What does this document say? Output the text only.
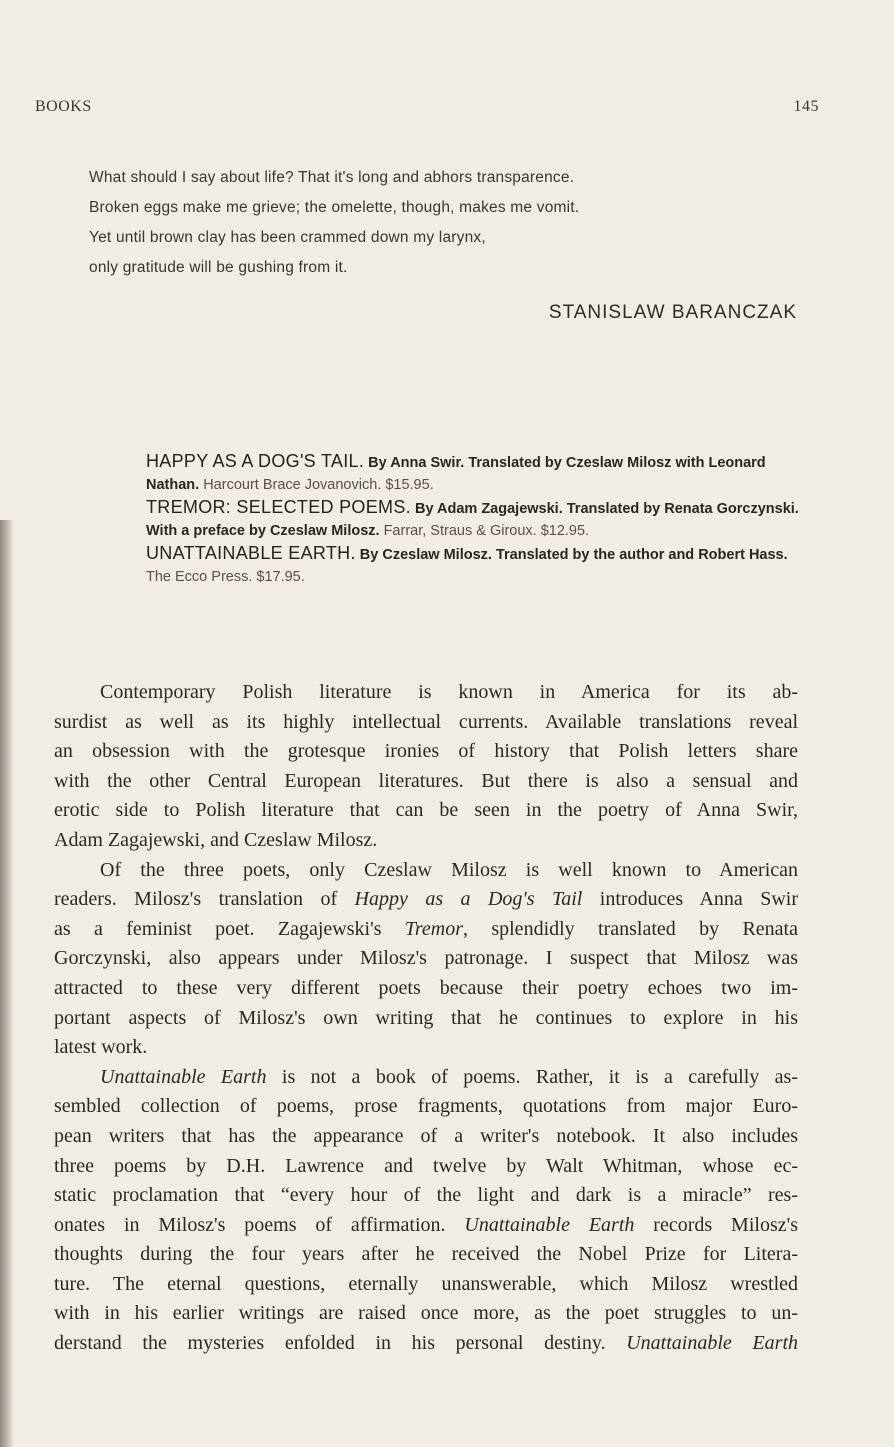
BOOKS	145
What should I say about life? That it's long and abhors transparence.
Broken eggs make me grieve; the omelette, though, makes me vomit.
Yet until brown clay has been crammed down my larynx,
only gratitude will be gushing from it.
STANISLAW BARANCZAK

HAPPY AS A DOG'S TAIL. By Anna Swir. Translated by Czeslaw Milosz with Leonard Nathan. Harcourt Brace Jovanovich. $15.95.

TREMOR: SELECTED POEMS. By Adam Zagajewski. Translated by Renata Gorczynski. With a preface by Czeslaw Milosz. Farrar, Straus & Giroux. $12.95.

UNATTAINABLE EARTH. By Czeslaw Milosz. Translated by the author and Robert Hass. The Ecco Press. $17.95.

Contemporary Polish literature is known in America for its ab-
surdist as well as its highly intellectual currents. Available translations reveal
an obsession with the grotesque ironies of history that Polish letters share
with the other Central European literatures. But there is also a sensual and
erotic side to Polish literature that can be seen in the poetry of Anna Swir,
Adam Zagajewski, and Czeslaw Milosz.
Of the three poets, only Czeslaw Milosz is well known to American
readers. Milosz's translation of Happy as a Dog's Tail introduces Anna Swir
as a feminist poet. Zagajewski's Tremor, splendidly translated by Renata
Gorczynski, also appears under Milosz's patronage. I suspect that Milosz was
attracted to these very different poets because their poetry echoes two im-
portant aspects of Milosz's own writing that he continues to explore in his
latest work.
Unattainable Earth is not a book of poems. Rather, it is a carefully as-
sembled collection of poems, prose fragments, quotations from major Euro-
pean writers that has the appearance of a writer's notebook. It also includes
three poems by D.H. Lawrence and twelve by Walt Whitman, whose ec-
static proclamation that “every hour of the light and dark is a miracle” res-
onates in Milosz's poems of affirmation. Unattainable Earth records Milosz's
thoughts during the four years after he received the Nobel Prize for Litera-
ture. The eternal questions, eternally unanswerable, which Milosz wrestled
with in his earlier writings are raised once more, as the poet struggles to un-
derstand the mysteries enfolded in his personal destiny. Unattainable Earth
